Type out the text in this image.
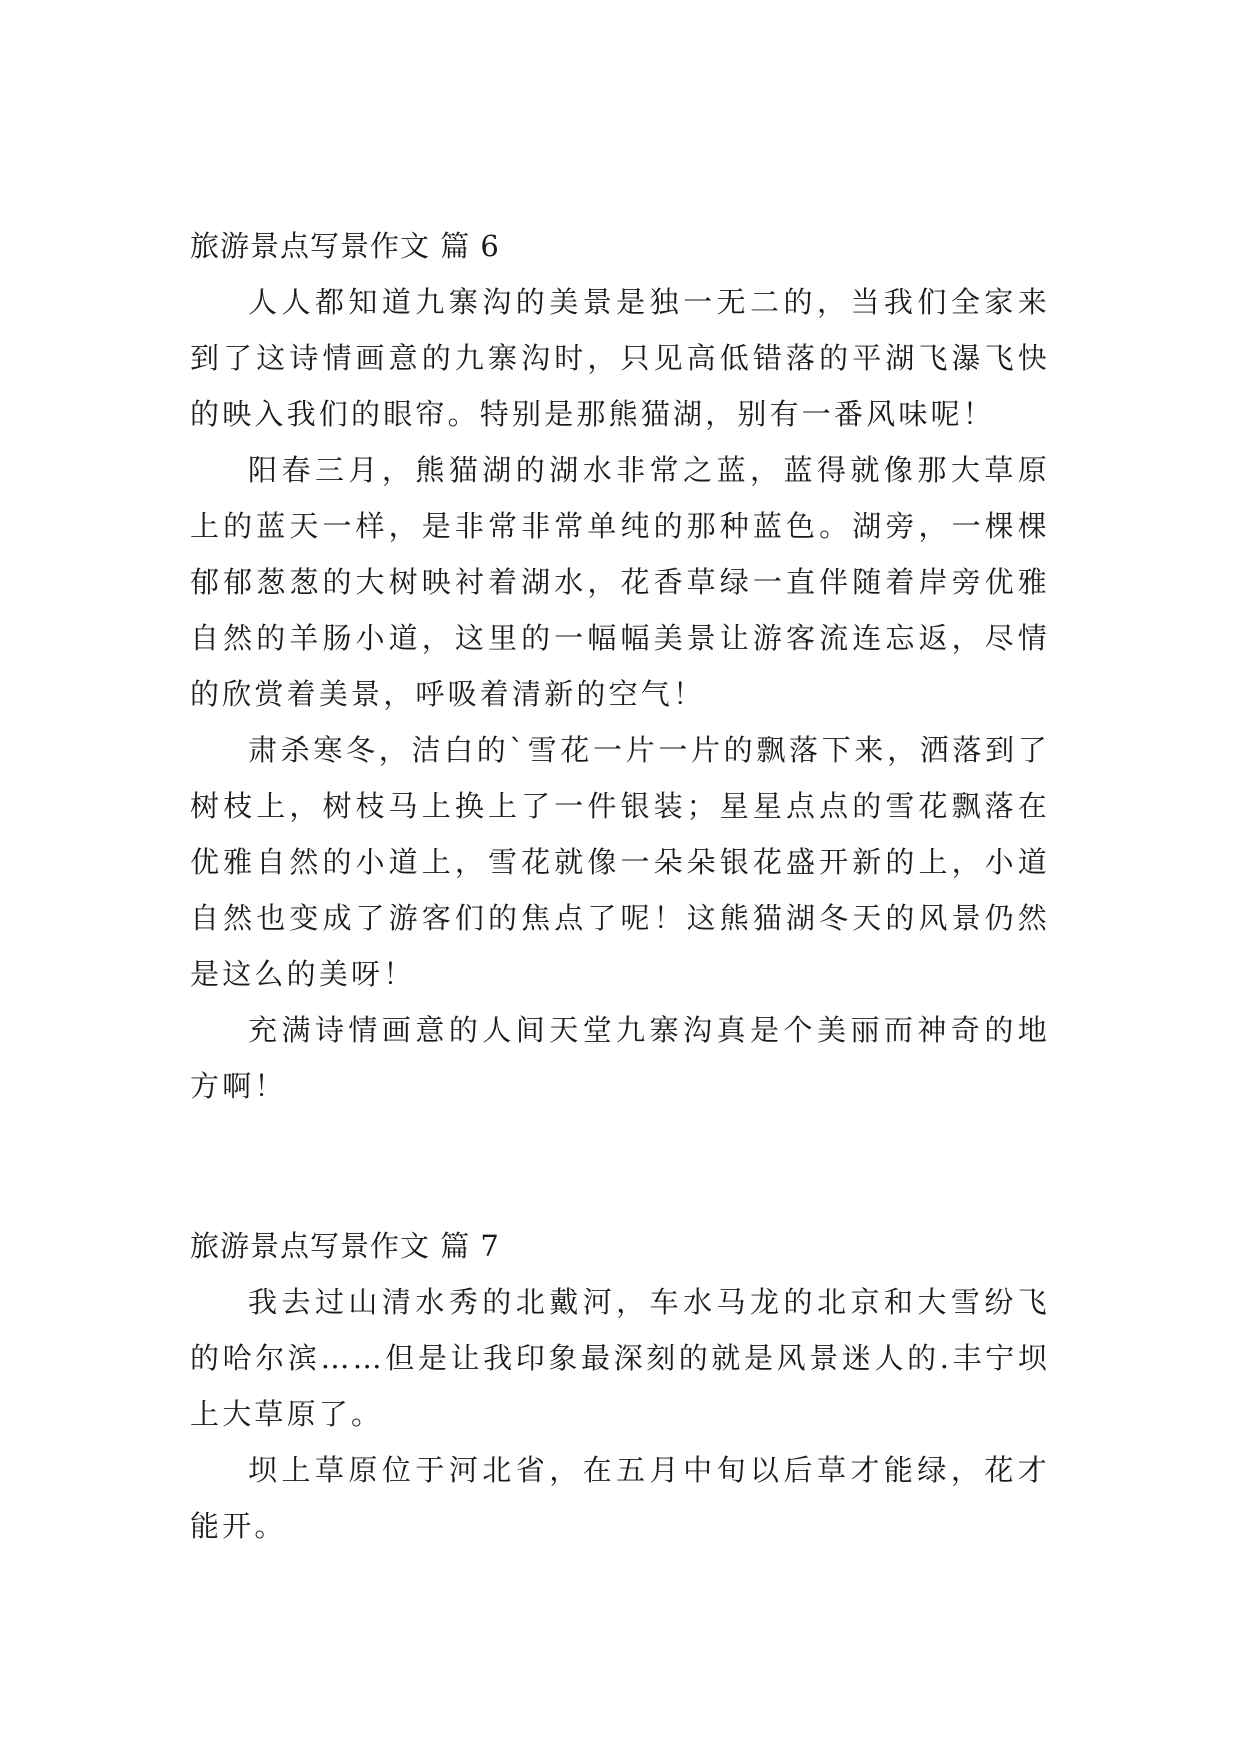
旅游景点写景作文 篇 6

人人都知道九寨沟的美景是独一无二的，当我们全家来到了这诗情画意的九寨沟时，只见高低错落的平湖飞瀑飞快的映入我们的眼帘。特别是那熊猫湖，别有一番风味呢！

阳春三月，熊猫湖的湖水非常之蓝，蓝得就像那大草原上的蓝天一样，是非常非常单纯的那种蓝色。湖旁，一棵棵郁郁葱葱的大树映衬着湖水，花香草绿一直伴随着岸旁优雅自然的羊肠小道，这里的一幅幅美景让游客流连忘返，尽情的欣赏着美景，呼吸着清新的空气！

肃杀寒冬，洁白的`雪花一片一片的飘落下来，洒落到了树枝上，树枝马上换上了一件银装；星星点点的雪花飘落在优雅自然的小道上，雪花就像一朵朵银花盛开新的上，小道自然也变成了游客们的焦点了呢！这熊猫湖冬天的风景仍然是这么的美呀！

充满诗情画意的人间天堂九寨沟真是个美丽而神奇的地方啊！

旅游景点写景作文 篇 7

我去过山清水秀的北戴河，车水马龙的北京和大雪纷飞的哈尔滨……但是让我印象最深刻的就是风景迷人的.丰宁坝上大草原了。

坝上草原位于河北省，在五月中旬以后草才能绿，花才能开。
